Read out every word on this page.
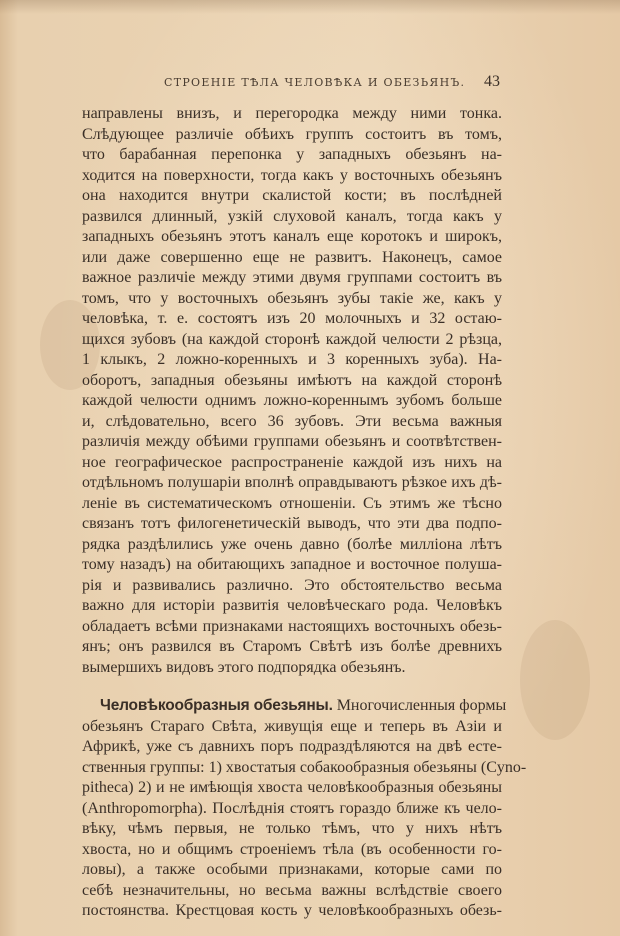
СТРОЕНIЕ ТѢЛА ЧЕЛОВѢКА И ОБЕЗЬЯНЪ. 43
направлены внизъ, и перегородка между ними тонка.
Слѣдующее различiе обѣихъ группъ состоитъ въ томъ,
что барабанная перепонка у западныхъ обезьянъ на-
ходится на поверхности, тогда какъ у восточныхъ обезьянъ
она находится внутри скалистой кости; въ послѣдней
развился длинный, узкiй слуховой каналъ, тогда какъ у
западныхъ обезьянъ этотъ каналъ еще коротокъ и широкъ,
или даже совершенно еще не развитъ. Наконецъ, самое
важное различiе между этими двумя группами состоитъ въ
томъ, что у восточныхъ обезьянъ зубы такiе же, какъ у
человѣка, т. е. состоятъ изъ 20 молочныхъ и 32 остаю-
щихся зубовъ (на каждой сторонѣ каждой челюсти 2 рѣзца,
1 клыкъ, 2 ложно-коренныхъ и 3 коренныхъ зуба). На-
оборотъ, западныя обезьяны имѣютъ на каждой сторонѣ
каждой челюсти однимъ ложно-кореннымъ зубомъ больше
и, слѣдовательно, всего 36 зубовъ. Эти весьма важныя
различiя между обѣими группами обезьянъ и соотвѣтствен-
ное географическое распространенiе каждой изъ нихъ на
отдѣльномъ полушарiи вполнѣ оправдываютъ рѣзкое ихъ дѣ-
ленiе въ систематическомъ отношенiи. Съ этимъ же тѣсно
связанъ тотъ филогенетическiй выводъ, что эти два подпо-
рядка раздѣлились уже очень давно (болѣе миллiона лѣтъ
тому назадъ) на обитающихъ западное и восточное полуша-
рiя и развивались различно. Это обстоятельство весьма
важно для исторiи развитiя человѣческаго рода. Человѣкъ
обладаетъ всѣми признаками настоящихъ восточныхъ обезь-
янъ; онъ развился въ Старомъ Свѣтѣ изъ болѣе древнихъ
вымершихъ видовъ этого подпорядка обезьянъ.
Человѣкообразныя обезьяны. Многочисленныя формы
обезьянъ Стараго Свѣта, живущiя еще и теперь въ Азiи и
Африкѣ, уже съ давнихъ поръ подраздѣляются на двѣ есте-
ственныя группы: 1) хвостатыя собакообразныя обезьяны (Cyno-
pitheca) 2) и не имѣющiя хвоста человѣкообразныя обезьяны
(Anthropomorpha). Послѣднiя стоятъ гораздо ближе къ чело-
вѣку, чѣмъ первыя, не только тѣмъ, что у нихъ нѣтъ
хвоста, но и общимъ строенiемъ тѣла (въ особенности го-
ловы), а также особыми признаками, которые сами по
себѣ незначительны, но весьма важны вслѣдствiе своего
постоянства. Крестцовая кость у человѣкообразныхъ обезь-
